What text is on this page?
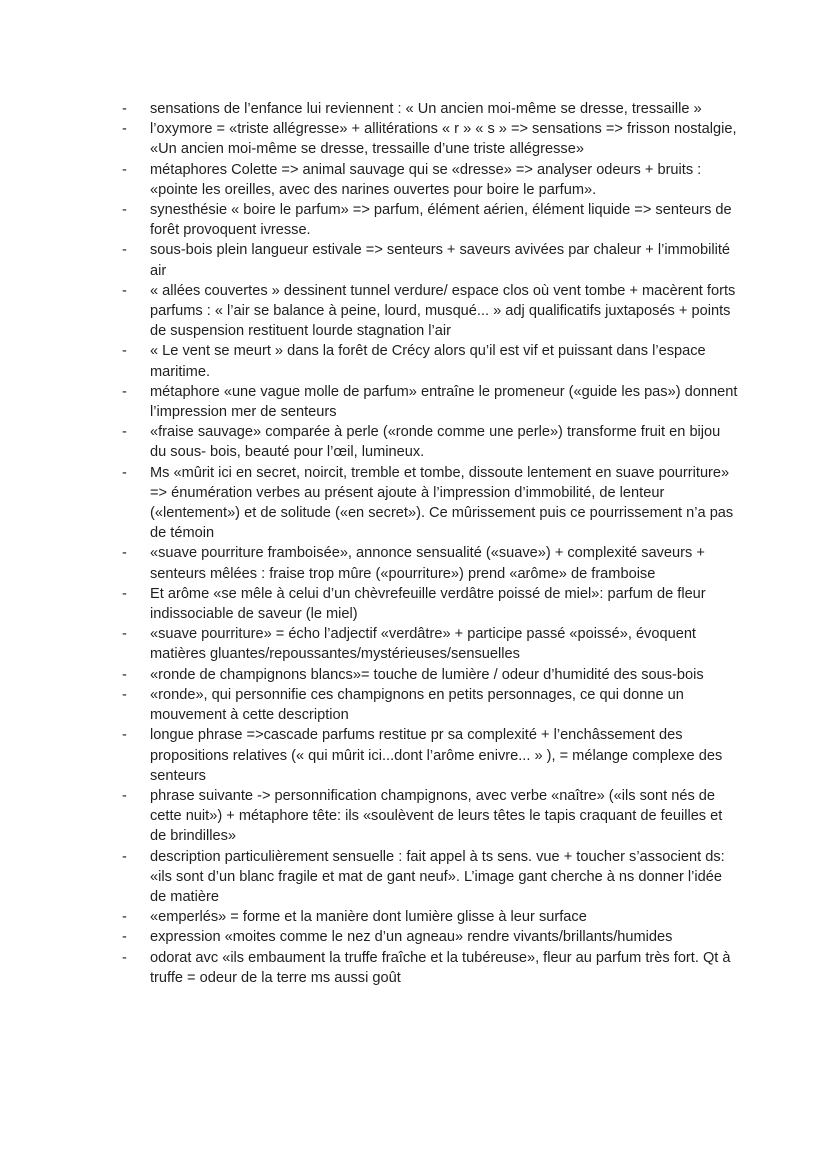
-	sensations de l’enfance lui reviennent : « Un ancien moi-même se dresse, tressaille »
-	l’oxymore = «triste allégresse» + allitérations « r » « s » => sensations => frisson nostalgie, «Un ancien moi-même se dresse, tressaille d’une triste allégresse»
-	métaphores Colette => animal sauvage qui se «dresse» => analyser odeurs + bruits : «pointe les oreilles, avec des narines ouvertes pour boire le parfum».
-	synesthésie « boire le parfum» => parfum, élément aérien, élément liquide => senteurs de forêt provoquent ivresse.
-	sous-bois plein langueur estivale => senteurs + saveurs avivées par chaleur + l’immobilité air
-	« allées couvertes » dessinent tunnel verdure/ espace clos où vent tombe + macèrent forts parfums : « l’air se balance à peine, lourd, musqué... » adj qualificatifs juxtaposés + points de suspension restituent lourde stagnation l’air
-	« Le vent se meurt » dans la forêt de Crécy alors qu’il est vif et puissant dans l’espace maritime.
-	métaphore «une vague molle de parfum» entraîne le promeneur («guide les pas») donnent l’impression mer de senteurs
-	«fraise sauvage» comparée à perle («ronde comme une perle») transforme fruit en bijou du sous- bois, beauté pour l’œil, lumineux.
-	Ms «mûrit ici en secret, noircit, tremble et tombe, dissoute lentement en suave pourriture» => énumération verbes au présent ajoute à l’impression d’immobilité, de lenteur («lentement») et de solitude («en secret»). Ce mûrissement puis ce pourrissement n’a pas de témoin
-	«suave pourriture framboisée», annonce sensualité («suave») + complexité saveurs + senteurs mêlées : fraise trop mûre («pourriture») prend «arôme» de framboise
-	Et arôme «se mêle à celui d’un chèvrefeuille verdâtre poissé de miel»: parfum de fleur indissociable de saveur (le miel)
-	«suave pourriture» = écho l’adjectif «verdâtre» + participe passé «poissé», évoquent matières gluantes/repoussantes/mystérieuses/sensuelles
-	«ronde de champignons blancs»= touche de lumière / odeur d’humidité des sous-bois
-	«ronde», qui personnifie ces champignons en petits personnages, ce qui donne un mouvement à cette description
-	longue phrase =>cascade parfums restitue pr sa complexité + l’enchâssement des propositions relatives (« qui mûrit ici...dont l’arôme enivre... » ), = mélange complexe des senteurs
-	phrase suivante -> personnification champignons, avec verbe «naître» («ils sont nés de cette nuit») + métaphore tête: ils «soulèvent de leurs têtes le tapis craquant de feuilles et de brindilles»
-	description particulièrement sensuelle : fait appel à ts sens. vue + toucher s’associent ds: «ils sont d’un blanc fragile et mat de gant neuf». L’image gant cherche à ns donner l’idée de matière
-	«emperlés» = forme et la manière dont lumière glisse à leur surface
-	expression «moites comme le nez d’un agneau» rendre vivants/brillants/humides
-	odorat avc «ils embaument la truffe fraîche et la tubéreuse», fleur au parfum très fort. Qt à truffe = odeur de la terre ms aussi goût
